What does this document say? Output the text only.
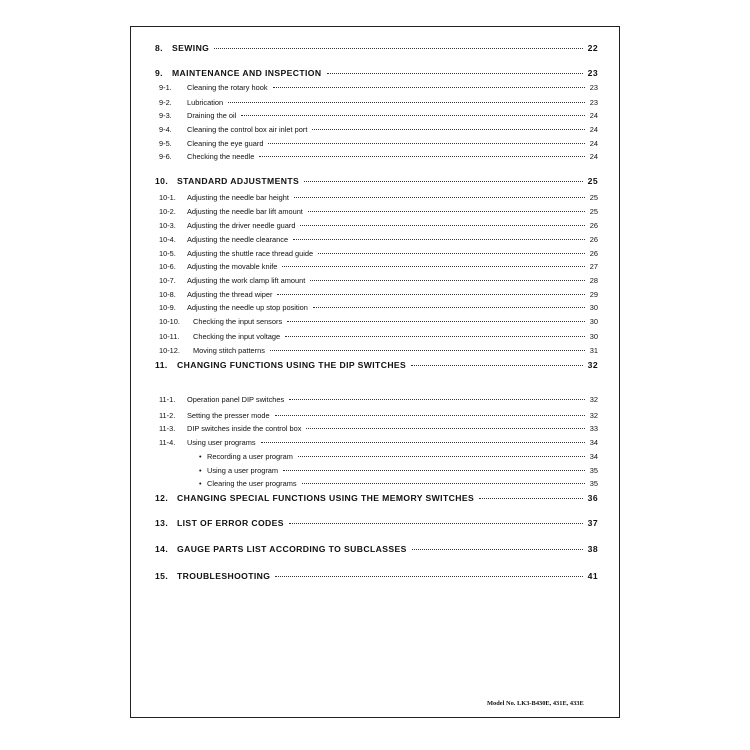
8.	SEWING	22
9.	MAINTENANCE AND INSPECTION	23
9-1.	Cleaning the rotary hook	23
9-2.	Lubrication	23
9-3.	Draining the oil	24
9-4.	Cleaning the control box air inlet port	24
9-5.	Cleaning the eye guard	24
9-6.	Checking the needle	24
10.	STANDARD ADJUSTMENTS	25
10-1.	Adjusting the needle bar height	25
10-2.	Adjusting the needle bar lift amount	25
10-3.	Adjusting the driver needle guard	26
10-4.	Adjusting the needle clearance	26
10-5.	Adjusting the shuttle race thread guide	26
10-6.	Adjusting the movable knife	27
10-7.	Adjusting the work clamp lift amount	28
10-8.	Adjusting the thread wiper	29
10-9.	Adjusting the needle up stop position	30
10-10.	Checking the input sensors	30
10-11.	Checking the input voltage	30
10-12.	Moving stitch patterns	31
11.	CHANGING FUNCTIONS USING THE DIP SWITCHES	32
11-1.	Operation panel DIP switches	32
11-2.	Setting the presser mode	32
11-3.	DIP switches inside the control box	33
11-4.	Using user programs	34
• Recording a user program	34
• Using a user program	35
• Clearing the user programs	35
12.	CHANGING SPECIAL FUNCTIONS USING THE MEMORY SWITCHES	36
13.	LIST OF ERROR CODES	37
14.	GAUGE PARTS LIST ACCORDING TO SUBCLASSES	38
15.	TROUBLESHOOTING	41
Model No. LK3-B430E, 431E, 433E
